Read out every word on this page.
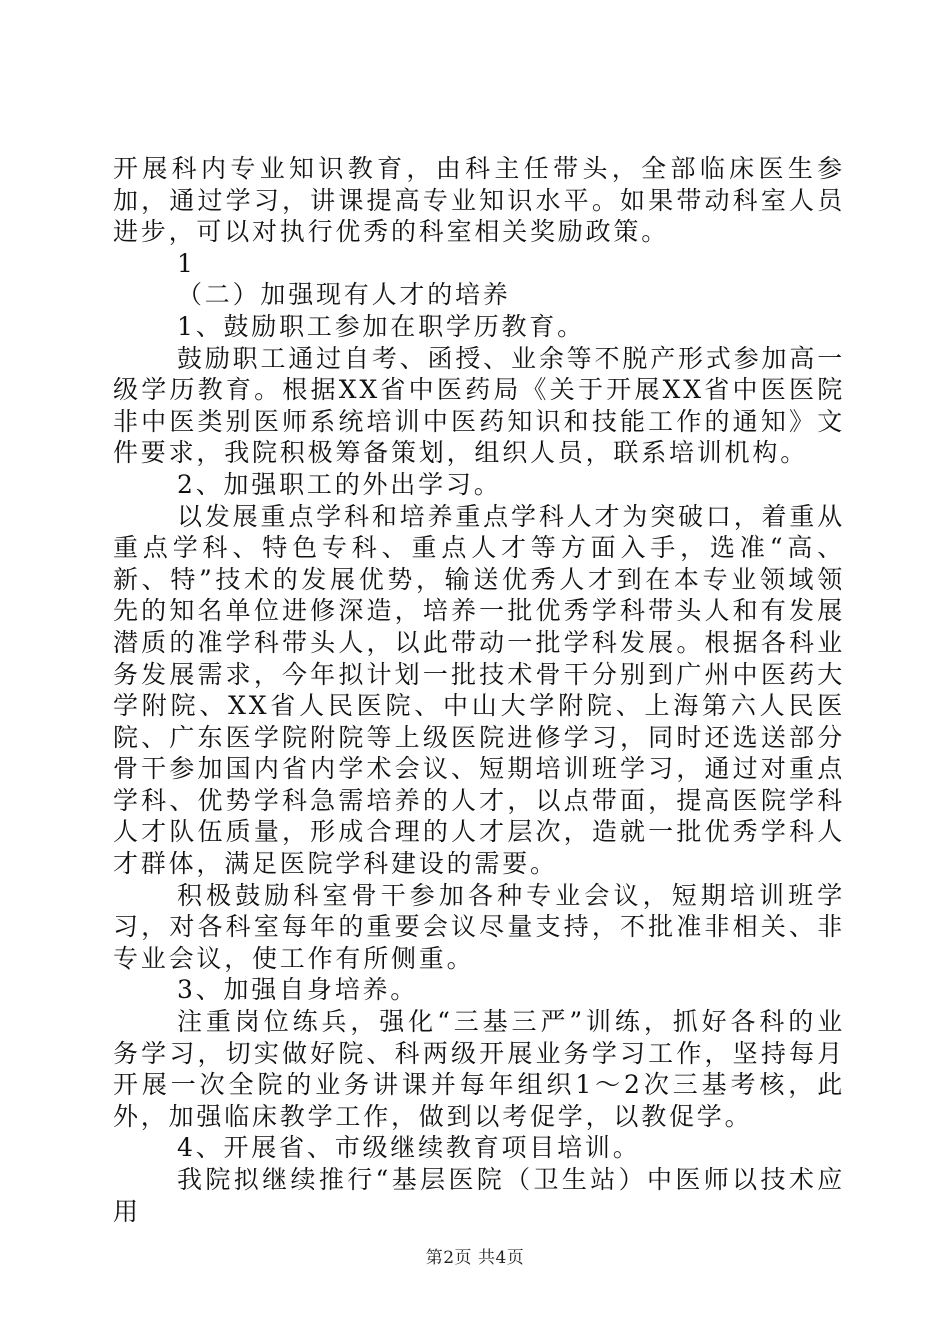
开展科内专业知识教育，由科主任带头，全部临床医生参加，通过学习，讲课提高专业知识水平。如果带动科室人员进步，可以对执行优秀的科室相关奖励政策。

1

（二）加强现有人才的培养

1、鼓励职工参加在职学历教育。

鼓励职工通过自考、函授、业余等不脱产形式参加高一级学历教育。根据XX省中医药局《关于开展XX省中医医院非中医类别医师系统培训中医药知识和技能工作的通知》文件要求，我院积极筹备策划，组织人员，联系培训机构。

2、加强职工的外出学习。

以发展重点学科和培养重点学科人才为突破口，着重从重点学科、特色专科、重点人才等方面入手，选准“高、新、特”技术的发展优势，输送优秀人才到在本专业领域领先的知名单位进修深造，培养一批优秀学科带头人和有发展潜质的准学科带头人，以此带动一批学科发展。根据各科业务发展需求，今年拟计划一批技术骨干分别到广州中医药大学附院、XX省人民医院、中山大学附院、上海第六人民医院、广东医学院附院等上级医院进修学习，同时还选送部分骨干参加国内省内学术会议、短期培训班学习，通过对重点学科、优势学科急需培养的人才，以点带面，提高医院学科人才队伍质量，形成合理的人才层次，造就一批优秀学科人才群体，满足医院学科建设的需要。

积极鼓励科室骨干参加各种专业会议，短期培训班学习，对各科室每年的重要会议尽量支持，不批准非相关、非专业会议，使工作有所侧重。

3、加强自身培养。

注重岗位练兵，强化“三基三严”训练，抓好各科的业务学习，切实做好院、科两级开展业务学习工作，坚持每月开展一次全院的业务讲课并每年组织1～2次三基考核，此外，加强临床教学工作，做到以考促学，以教促学。

4、开展省、市级继续教育项目培训。

我院拟继续推行“基层医院（卫生站）中医师以技术应用

第2页 共4页
